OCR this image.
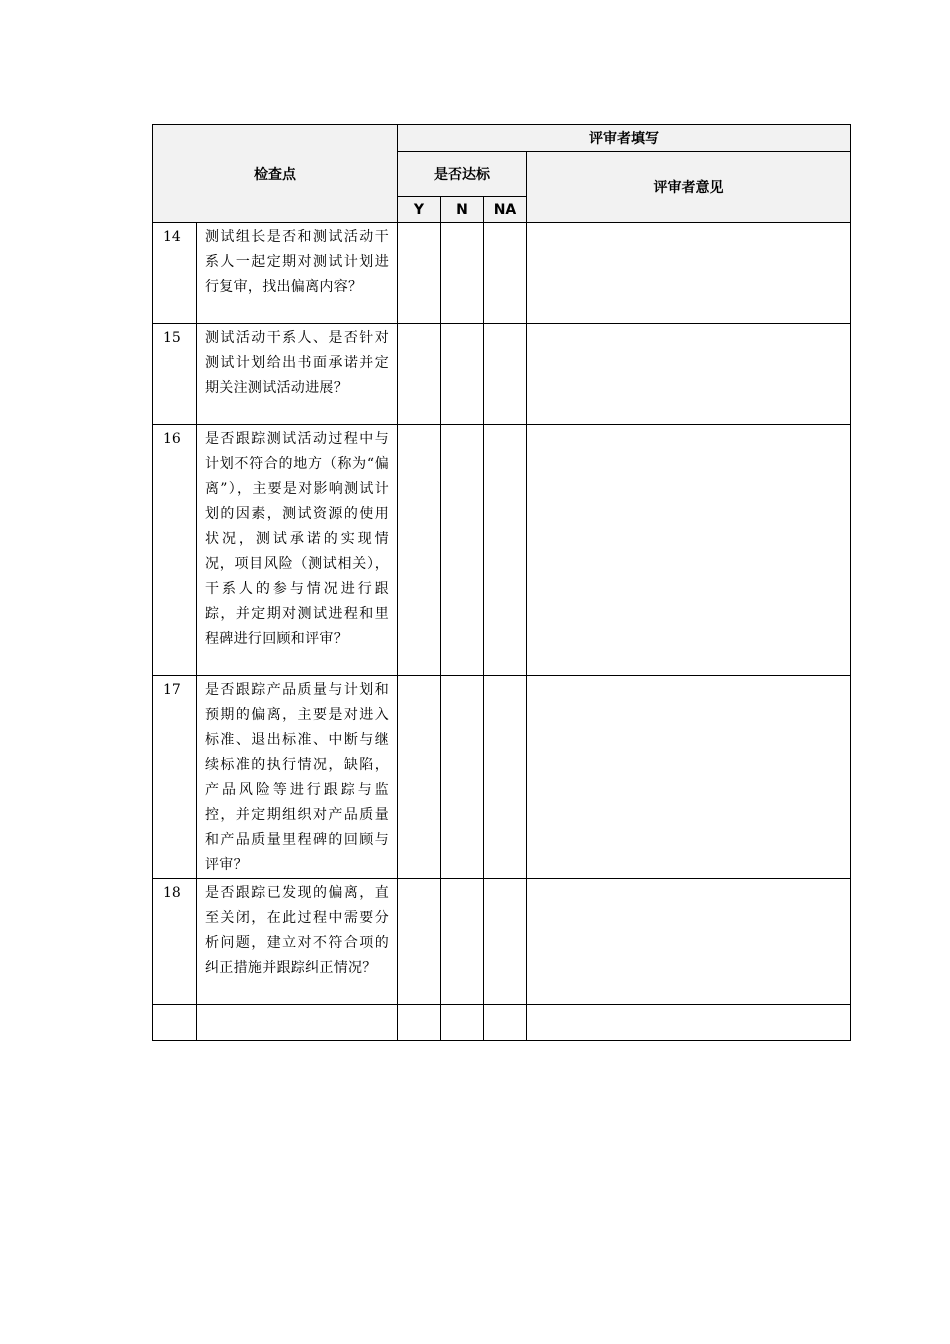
检查点		评审者填写			
		是否达标			评审者意见
		Y	N	NA	
14	测试组长是否和测试活动干系人一起定期对测试计划进行复审，找出偏离内容？				
15	测试活动干系人、是否针对测试计划给出书面承诺并定期关注测试活动进展？				
16	是否跟踪测试活动过程中与计划不符合的地方（称为“偏离”），主要是对影响测试计划的因素，测试资源的使用状况，测试承诺的实现情况，项目风险（测试相关），干系人的参与情况进行跟踪，并定期对测试进程和里程碑进行回顾和评审？				
17	是否跟踪产品质量与计划和预期的偏离，主要是对进入标准、退出标准、中断与继续标准的执行情况，缺陷，产品风险等进行跟踪与监控，并定期组织对产品质量和产品质量里程碑的回顾与评审？				
18	是否跟踪已发现的偏离，直至关闭，在此过程中需要分析问题，建立对不符合项的纠正措施并跟踪纠正情况？				
